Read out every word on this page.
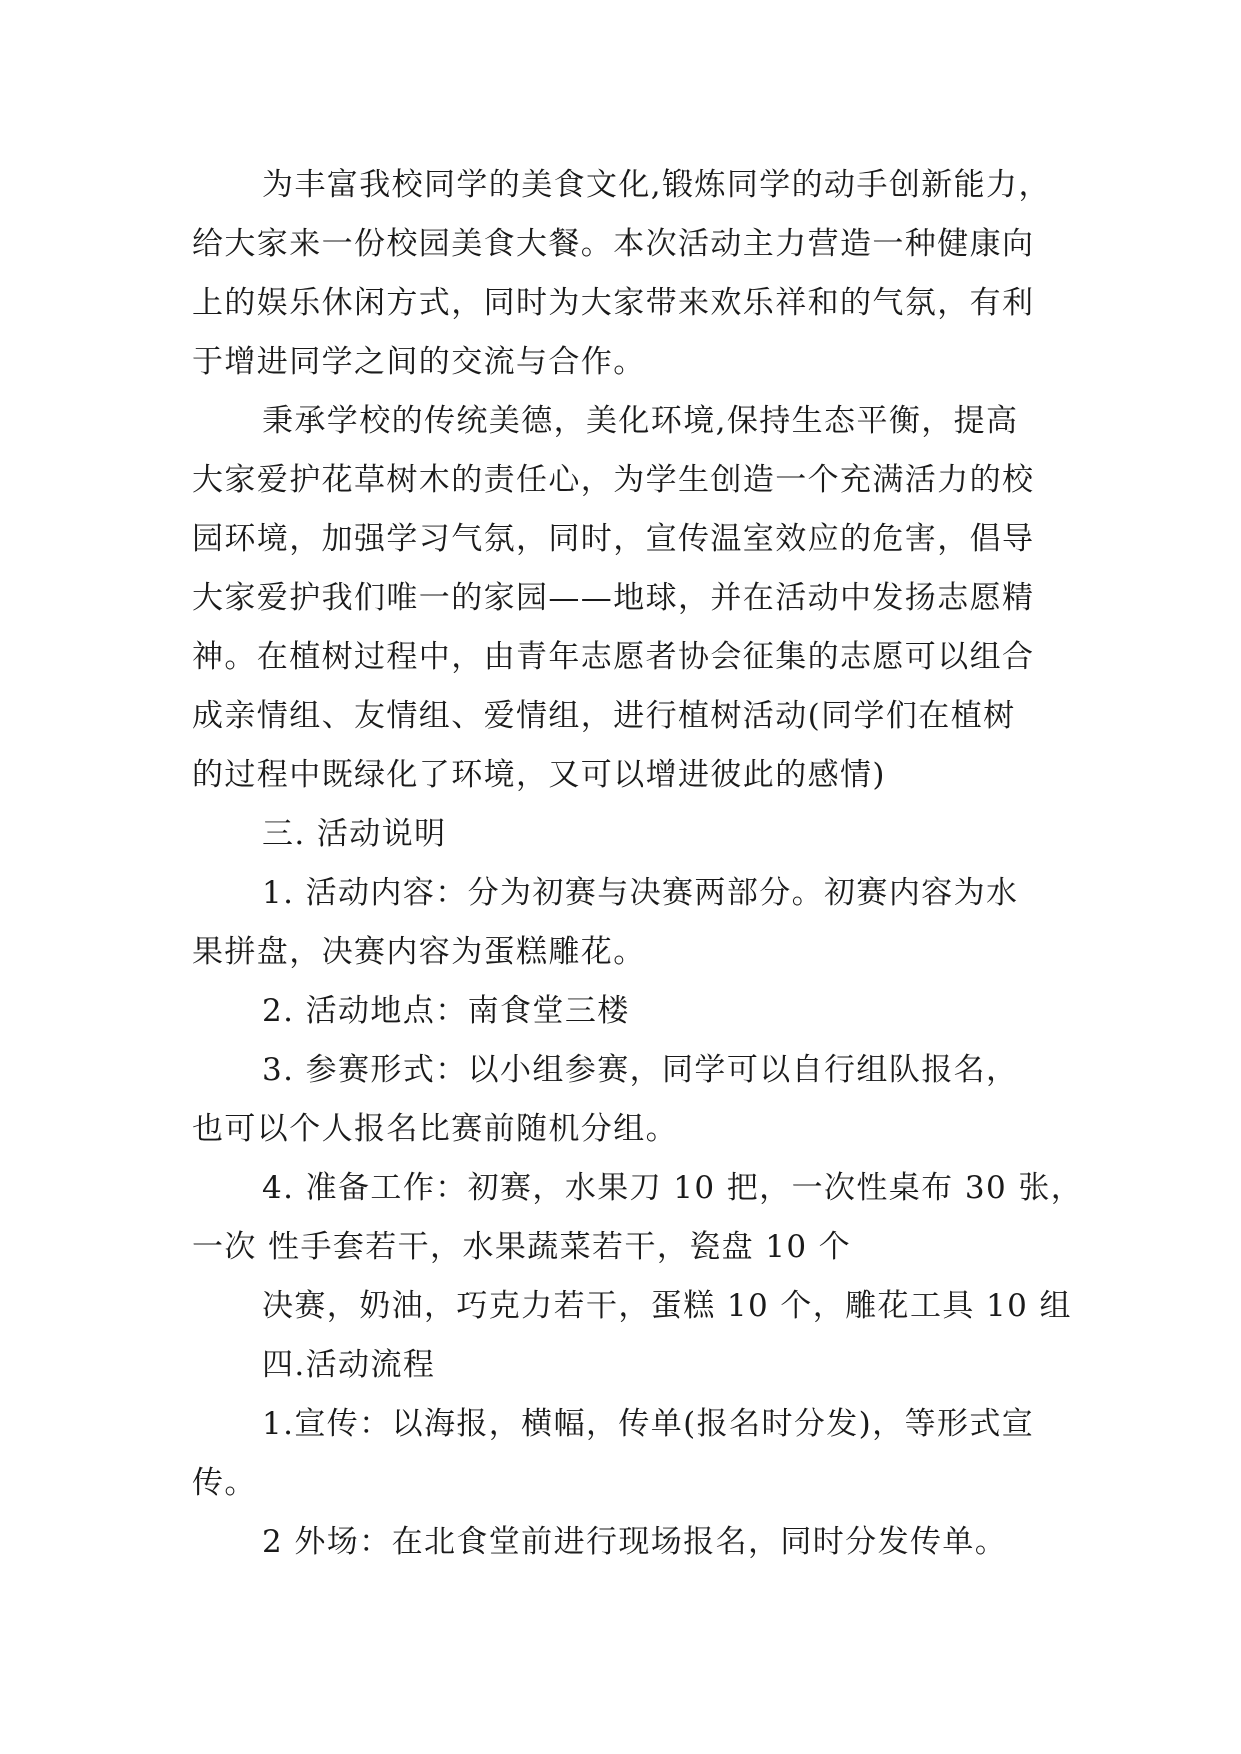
为丰富我校同学的美食文化,锻炼同学的动手创新能力，
给大家来一份校园美食大餐。本次活动主力营造一种健康向
上的娱乐休闲方式，同时为大家带来欢乐祥和的气氛，有利
于增进同学之间的交流与合作。
秉承学校的传统美德，美化环境,保持生态平衡，提高
大家爱护花草树木的责任心，为学生创造一个充满活力的校
园环境，加强学习气氛，同时，宣传温室效应的危害，倡导
大家爱护我们唯一的家园——地球，并在活动中发扬志愿精
神。在植树过程中，由青年志愿者协会征集的志愿可以组合
成亲情组、友情组、爱情组，进行植树活动(同学们在植树
的过程中既绿化了环境，又可以增进彼此的感情)
三. 活动说明
1. 活动内容：分为初赛与决赛两部分。初赛内容为水
果拼盘，决赛内容为蛋糕雕花。
2. 活动地点：南食堂三楼
3. 参赛形式：以小组参赛，同学可以自行组队报名，
也可以个人报名比赛前随机分组。
4. 准备工作：初赛，水果刀 10 把，一次性桌布 30 张，
一次 性手套若干，水果蔬菜若干，瓷盘 10 个
决赛，奶油，巧克力若干，蛋糕 10 个，雕花工具 10 组
四.活动流程
1.宣传：以海报，横幅，传单(报名时分发)，等形式宣
传。
2 外场：在北食堂前进行现场报名，同时分发传单。
